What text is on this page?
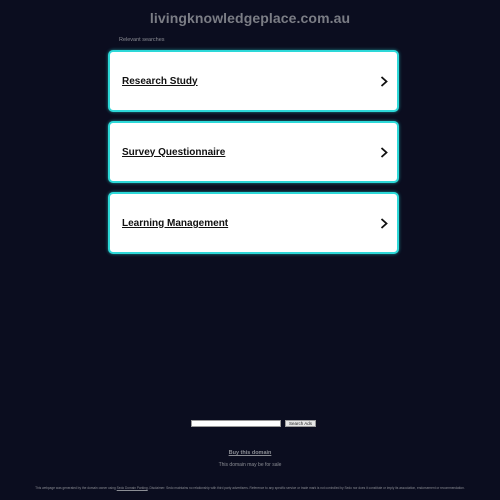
livingknowledgeplace.com.au
Relevant searches
Research Study
Survey Questionnaire
Learning Management
Search Ads
Buy this domain
This domain may be for sale
This webpage was generated by the domain owner using Sedo Domain Parking. Disclaimer: Sedo maintains no relationship with third party advertisers. Reference to any specific service or trade mark is not controlled by Sedo nor does it constitute or imply its association, endorsement or recommendation.
